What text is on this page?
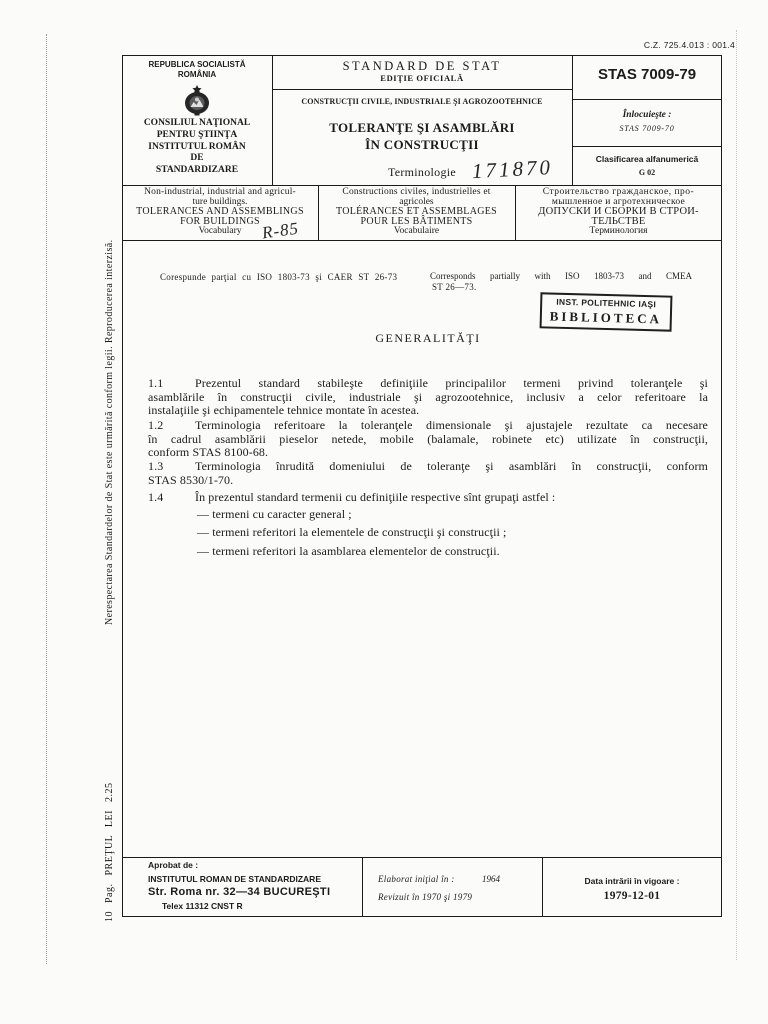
C.Z. 725.4.013 : 001.4
Nerespectarea Standardelor de Stat este urmărită conform legii. Reproducerea interzisă.
10 Pag. PREŢUL LEI 2.25
REPUBLICA SOCIALISTĂ
ROMÂNIA
CONSILIUL NAŢIONAL
PENTRU ŞTIINŢA
INSTITUTUL ROMÂN
DE
STANDARDIZARE
STANDARD DE STAT
EDIŢIE OFICIALĂ
CONSTRUCŢII CIVILE, INDUSTRIALE ŞI AGROZOOTEHNICE
TOLERANŢE ŞI ASAMBLĂRI
ÎN CONSTRUCŢII
Terminologie 171870
STAS 7009-79
Înlocuieşte :
STAS 7009-70
Clasificarea alfanumerică
G 02
Non-industrial, industrial and agricul-
ture buildings.
TOLERANCES AND ASSEMBLINGS
FOR BUILDINGS
Vocabulary	R-85
Constructions civiles, industrielles et
agricoles
TOLÉRANCES ET ASSEMBLAGES
POUR LES BÂTIMENTS
Vocabulaire
Строительство гражданское, про-
мышленное и агротехническое
ДОПУСКИ И СБОРКИ В СТРОИ-
ТЕЛЬСТВЕ
Терминология
Corespunde parţial cu ISO 1803-73 şi CAER ST 26-73	Corresponds partially with ISO 1803-73 and CMEA
ST 26—73.
INST. POLITEHNIC IAŞI
BIBLIOTECA
GENERALITĂŢI
1.1	Prezentul standard stabileşte definiţiile principalilor termeni privind toleranţele şi
asamblările în construcţii civile, industriale şi agrozootehnice, inclusiv a celor referitoare la
instalaţiile şi echipamentele tehnice montate în acestea.
1.2	Terminologia referitoare la toleranţele dimensionale şi ajustajele rezultate ca necesare
în cadrul asamblării pieselor netede, mobile (balamale, robinete etc) utilizate în construcţii,
conform STAS 8100-68.
1.3	Terminologia înrudită domeniului de toleranţe şi asamblări în construcţii, conform
STAS 8530/1-70.
1.4	În prezentul standard termenii cu definiţiile respective sînt grupaţi astfel :
— termeni cu caracter general ;
— termeni referitori la elementele de construcţii şi construcţii ;
— termeni referitori la asamblarea elementelor de construcţii.
Aprobat de :
INSTITUTUL ROMAN DE STANDARDIZARE
Str. Roma nr. 32—34 BUCUREŞTI
Telex 11312 CNST R
Elaborat iniţial în :	1964
Revizuit în 1970 şi 1979
Data intrării în vigoare :
1979-12-01
